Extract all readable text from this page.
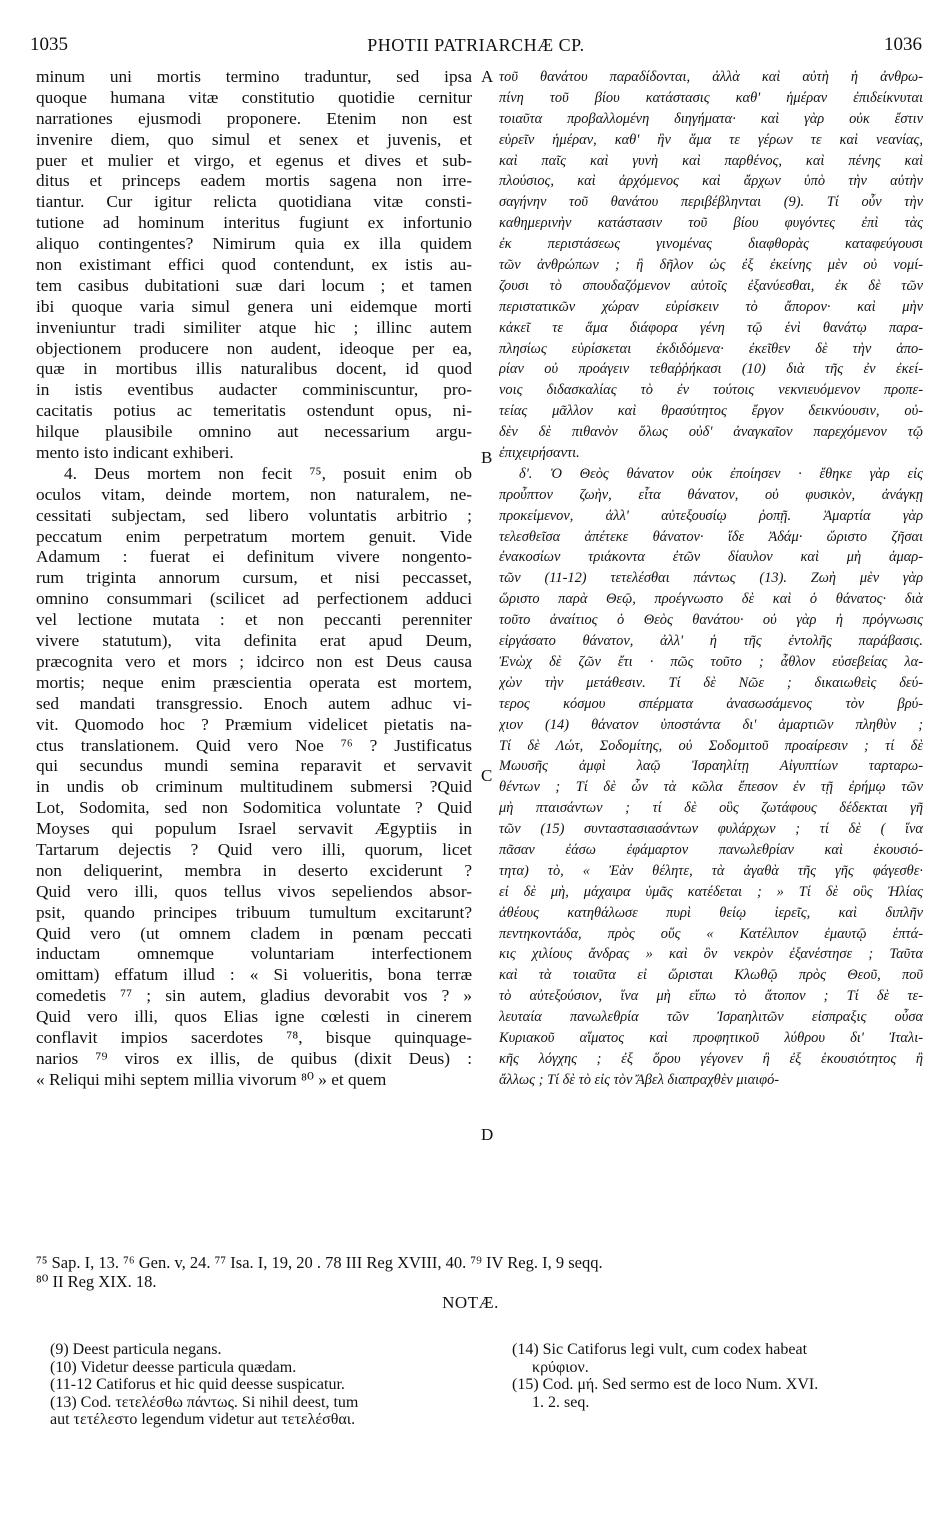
1035	PHOTII PATRIARCHÆ CP.	1036
minum uni mortis termino traduntur, sed ipsa
quoque humana vitæ constitutio quotidie cernitur
narrationes ejusmodi proponere. Etenim non est
invenire diem, quo simul et senex et juvenis, et
puer et mulier et virgo, et egenus et dives et sub-
ditus et princeps eadem mortis sagena non irre-
tiantur. Cur igitur relicta quotidiana vitæ consti-
tutione ad hominum interitus fugiunt ex infortunio
aliquo contingentes? Nimirum quia ex illa quidem
non existimant effici quod contendunt, ex istis au-
tem casibus dubitationi suæ dari locum ; et tamen
ibi quoque varia simul genera uni eidemque morti
inveniuntur tradi similiter atque hic ; illinc autem
objectionem producere non audent, ideoque per ea,
quæ in mortibus illis naturalibus docent, id quod
in istis eventibus audacter comminiscuntur, pro-
cacitatis potius ac temeritatis ostendunt opus, ni-
hilque plausibile omnino aut necessarium argu-
mento isto indicant exhiberi.
4. Deus mortem non fecit ⁷⁵, posuit enim ob
oculos vitam, deinde mortem, non naturalem, ne-
cessitati subjectam, sed libero voluntatis arbitrio ;
peccatum enim perpetratum mortem genuit. Vide
Adamum : fuerat ei definitum vivere nongento-
rum triginta annorum cursum, et nisi peccasset,
omnino consummari (scilicet ad perfectionem adduci
vel lectione mutata : et non peccanti perenniter
vivere statutum), vita definita erat apud Deum,
præcognita vero et mors ; idcirco non est Deus causa
mortis; neque enim præscientia operata est mortem,
sed mandati transgressio. Enoch autem adhuc vi-
vit. Quomodo hoc ? Præmium videlicet pietatis na-
ctus translationem. Quid vero Noe ⁷⁶ ? Justificatus
qui secundus mundi semina reparavit et servavit
in undis ob criminum multitudinem submersi ?Quid
Lot, Sodomita, sed non Sodomitica voluntate ? Quid
Moyses qui populum Israel servavit Ægyptiis in
Tartarum dejectis ? Quid vero illi, quorum, licet
non deliquerint, membra in deserto exciderunt ?
Quid vero illi, quos tellus vivos sepeliendos absor-
psit, quando principes tribuum tumultum excitarunt?
Quid vero (ut omnem cladem in pœnam peccati
inductam omnemque voluntariam interfectionem
omittam) effatum illud : « Si volueritis, bona terræ
comedetis ⁷⁷ ; sin autem, gladius devorabit vos ? »
Quid vero illi, quos Elias igne cœlesti in cinerem
conflavit impios sacerdotes ⁷⁸, bisque quinquage-
narios ⁷⁹ viros ex illis, de quibus (dixit Deus) :
« Reliqui mihi septem millia vivorum ⁸⁰ » et quem
τοῦ θανάτου παραδίδονται, ἀλλὰ καὶ αὐτὴ ἡ ἀνθρω-
πίνη τοῦ βίου κατάστασις καθ' ἡμέραν ἐπιδείκνυται
τοιαῦτα προβαλλομένη διηγήματα· καὶ γὰρ οὐκ ἔστιν
εὑρεῖν ἡμέραν, καθ' ἣν ἅμα τε γέρων τε καὶ νεανίας,
καὶ παῖς καὶ γυνὴ καὶ παρθένος, καὶ πένης καὶ
πλούσιος, καὶ ἀρχόμενος καὶ ἄρχων ὑπὸ τὴν αὐτὴν
σαγήνην τοῦ θανάτου περιβέβληνται (9). Τί οὖν τὴν
καθημερινὴν κατάστασιν τοῦ βίου φυγόντες ἐπὶ τὰς
ἐκ περιστάσεως γινομένας διαφθορὰς καταφεύγουσι
τῶν ἀνθρώπων ; ἢ δῆλον ὡς ἐξ ἐκείνης μὲν οὐ νομί-
ζουσι τὸ σπουδαζόμενον αὐτοῖς ἐξανύεσθαι, ἐκ δὲ τῶν
περιστατικῶν χώραν εὑρίσκειν τὸ ἄπορον· καὶ μὴν
κἀκεῖ τε ἅμα διάφορα γένη τῷ ἑνὶ θανάτῳ παρα-
πλησίως εὑρίσκεται ἐκδιδόμενα· ἐκεῖθεν δὲ τὴν ἀπο-
ρίαν οὐ προάγειν τεθαῤῥήκασι (10) διὰ τῆς ἐν ἐκεί-
νοις διδασκαλίας τὸ ἐν τούτοις νεκνιευόμενον προπε-
τείας μᾶλλον καὶ θρασύτητος ἔργον δεικνύουσιν, οὐ-
δὲν δὲ πιθανὸν ὅλως οὐδ' ἀναγκαῖον παρεχόμενον τῷ
ἐπιχειρήσαντι.
δ'. Ὁ Θεὸς θάνατον οὐκ ἐποίησεν · ἔθηκε γὰρ εἰς
προὖπτον ζωὴν, εἶτα θάνατον, οὐ φυσικὸν, ἀνάγκῃ
προκείμενον, ἀλλ' αὐτεξουσίῳ ῥοπῇ. Ἁμαρτία γὰρ
τελεσθεῖσα ἀπέτεκε θάνατον· ἴδε Ἀδάμ· ὥριστο ζῆσαι
ἐνακοσίων τριάκοντα ἐτῶν δίαυλον καὶ μὴ ἁμαρ-
τῶν (11-12) τετελέσθαι πάντως (13). Ζωὴ μὲν γὰρ
ὥριστο παρὰ Θεῷ, προέγνωστο δὲ καὶ ὁ θάνατος· διὰ
τοῦτο ἀναίτιος ὁ Θεὸς θανάτου· οὐ γὰρ ἡ πρόγνωσις
εἰργάσατο θάνατον, ἀλλ' ἡ τῆς ἐντολῆς παράβασις.
Ἐνὼχ δὲ ζῶν ἔτι · πῶς τοῦτο ; ἆθλον εὐσεβείας λα-
χὼν τὴν μετάθεσιν. Τί δὲ Νῶε ; δικαιωθεὶς δεύ-
τερος κόσμου σπέρματα ἀνασωσάμενος τὸν βρύ-
χιον (14) θάνατον ὑποστάντα δι' ἁμαρτιῶν πληθὺν ;
Τί δὲ Λώτ, Σοδομίτης, οὐ Σοδομιτοῦ προαίρεσιν ; τί δὲ
Μωυσῆς ἀμφὶ λαῷ Ἰσραηλίτῃ Αἰγυπτίων ταρταρω-
θέντων ; Τί δὲ ὧν τὰ κῶλα ἔπεσον ἐν τῇ ἐρήμῳ τῶν
μὴ πταισάντων ; τί δὲ οὓς ζωτάφους δέδεκται γῆ
τῶν (15) συνταστασιασάντων φυλάρχων ; τί δὲ ( ἵνα
πᾶσαν ἐάσω ἐφάμαρτον πανωλεθρίαν καὶ ἑκουσιό-
τητα) τὸ, « Ἐὰν θέλητε, τὰ ἀγαθὰ τῆς γῆς φάγεσθε·
εἰ δὲ μὴ, μάχαιρα ὑμᾶς κατέδεται ; » Τί δὲ οὓς Ἠλίας
ἀθέους κατηθάλωσε πυρὶ θείῳ ἱερεῖς, καὶ διπλῆν
πεντηκοντάδα, πρὸς οὕς « Κατέλιπον ἐμαυτῷ ἑπτά-
κις χιλίους ἄνδρας » καὶ ὃν νεκρὸν ἐξανέστησε ; Ταῦτα
καὶ τὰ τοιαῦτα εἰ ὥρισται Κλωθῷ πρὸς Θεοῦ, ποῦ
τὸ αὐτεξούσιον, ἵνα μὴ εἴπω τὸ ἄτοπον ; Τί δὲ τε-
λευταία πανωλεθρία τῶν Ἰσραηλιτῶν εἰσπραξις οὖσα
Κυριακοῦ αἵματος καὶ προφητικοῦ λύθρου δι' Ἰταλι-
κῆς λόγχης ; ἐξ ὅρου γέγονεν ἢ ἐξ ἑκουσιότητος ἢ
ἄλλως ; Τί δὲ τὸ εἰς τὸν Ἄβελ διαπραχθὲν μιαιφό-
A
B
C
D
⁷⁵ Sap. I, 13. ⁷⁶ Gen. v, 24. ⁷⁷ Isa. I, 19, 20 . 78 III Reg XVIII, 40. ⁷⁹ IV Reg. I, 9 seqq.
⁸⁰ II Reg XIX. 18.
NOTÆ.
(9) Deest particula negans.
(10) Videtur deesse particula quædam.
(11-12 Catiforus et hic quid deesse suspicatur.
(13) Cod. τετελέσθω πάντως. Si nihil deest, tum
aut τετέλεστο legendum videtur aut τετελέσθαι.
(14) Sic Catiforus legi vult, cum codex habeat
κρύφιον.
(15) Cod. μή. Sed sermo est de loco Num. XVI.
1. 2. seq.
